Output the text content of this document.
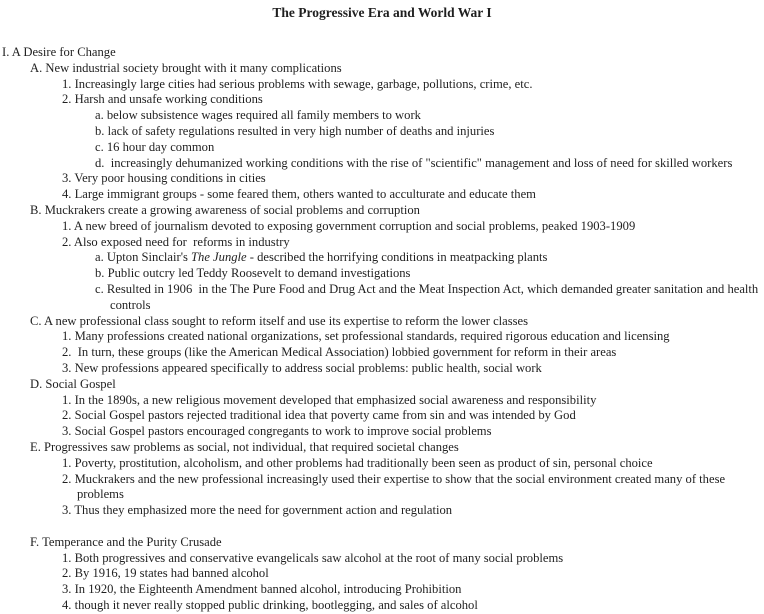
The Progressive Era and World War I
I. A Desire for Change
A. New industrial society brought with it many complications
1. Increasingly large cities had serious problems with sewage, garbage, pollutions, crime, etc.
2. Harsh and unsafe working conditions
a. below subsistence wages required all family members to work
b. lack of safety regulations resulted in very high number of deaths and injuries
c. 16 hour day common
d.  increasingly dehumanized working conditions with the rise of "scientific" management and loss of need for skilled workers
3. Very poor housing conditions in cities
4. Large immigrant groups - some feared them, others wanted to acculturate and educate them
B. Muckrakers create a growing awareness of social problems and corruption
1. A new breed of journalism devoted to exposing government corruption and social problems, peaked 1903-1909
2. Also exposed need for  reforms in industry
a. Upton Sinclair's The Jungle - described the horrifying conditions in meatpacking plants
b. Public outcry led Teddy Roosevelt to demand investigations
c. Resulted in 1906  in the The Pure Food and Drug Act and the Meat Inspection Act, which demanded greater sanitation and health
controls
C. A new professional class sought to reform itself and use its expertise to reform the lower classes
1. Many professions created national organizations, set professional standards, required rigorous education and licensing
2.  In turn, these groups (like the American Medical Association) lobbied government for reform in their areas
3. New professions appeared specifically to address social problems: public health, social work
D. Social Gospel
1. In the 1890s, a new religious movement developed that emphasized social awareness and responsibility
2. Social Gospel pastors rejected traditional idea that poverty came from sin and was intended by God
3. Social Gospel pastors encouraged congregants to work to improve social problems
E. Progressives saw problems as social, not individual, that required societal changes
1. Poverty, prostitution, alcoholism, and other problems had traditionally been seen as product of sin, personal choice
2. Muckrakers and the new professional increasingly used their expertise to show that the social environment created many of these
problems
3. Thus they emphasized more the need for government action and regulation
F. Temperance and the Purity Crusade
1. Both progressives and conservative evangelicals saw alcohol at the root of many social problems
2. By 1916, 19 states had banned alcohol
3. In 1920, the Eighteenth Amendment banned alcohol, introducing Prohibition
4. though it never really stopped public drinking, bootlegging, and sales of alcohol
